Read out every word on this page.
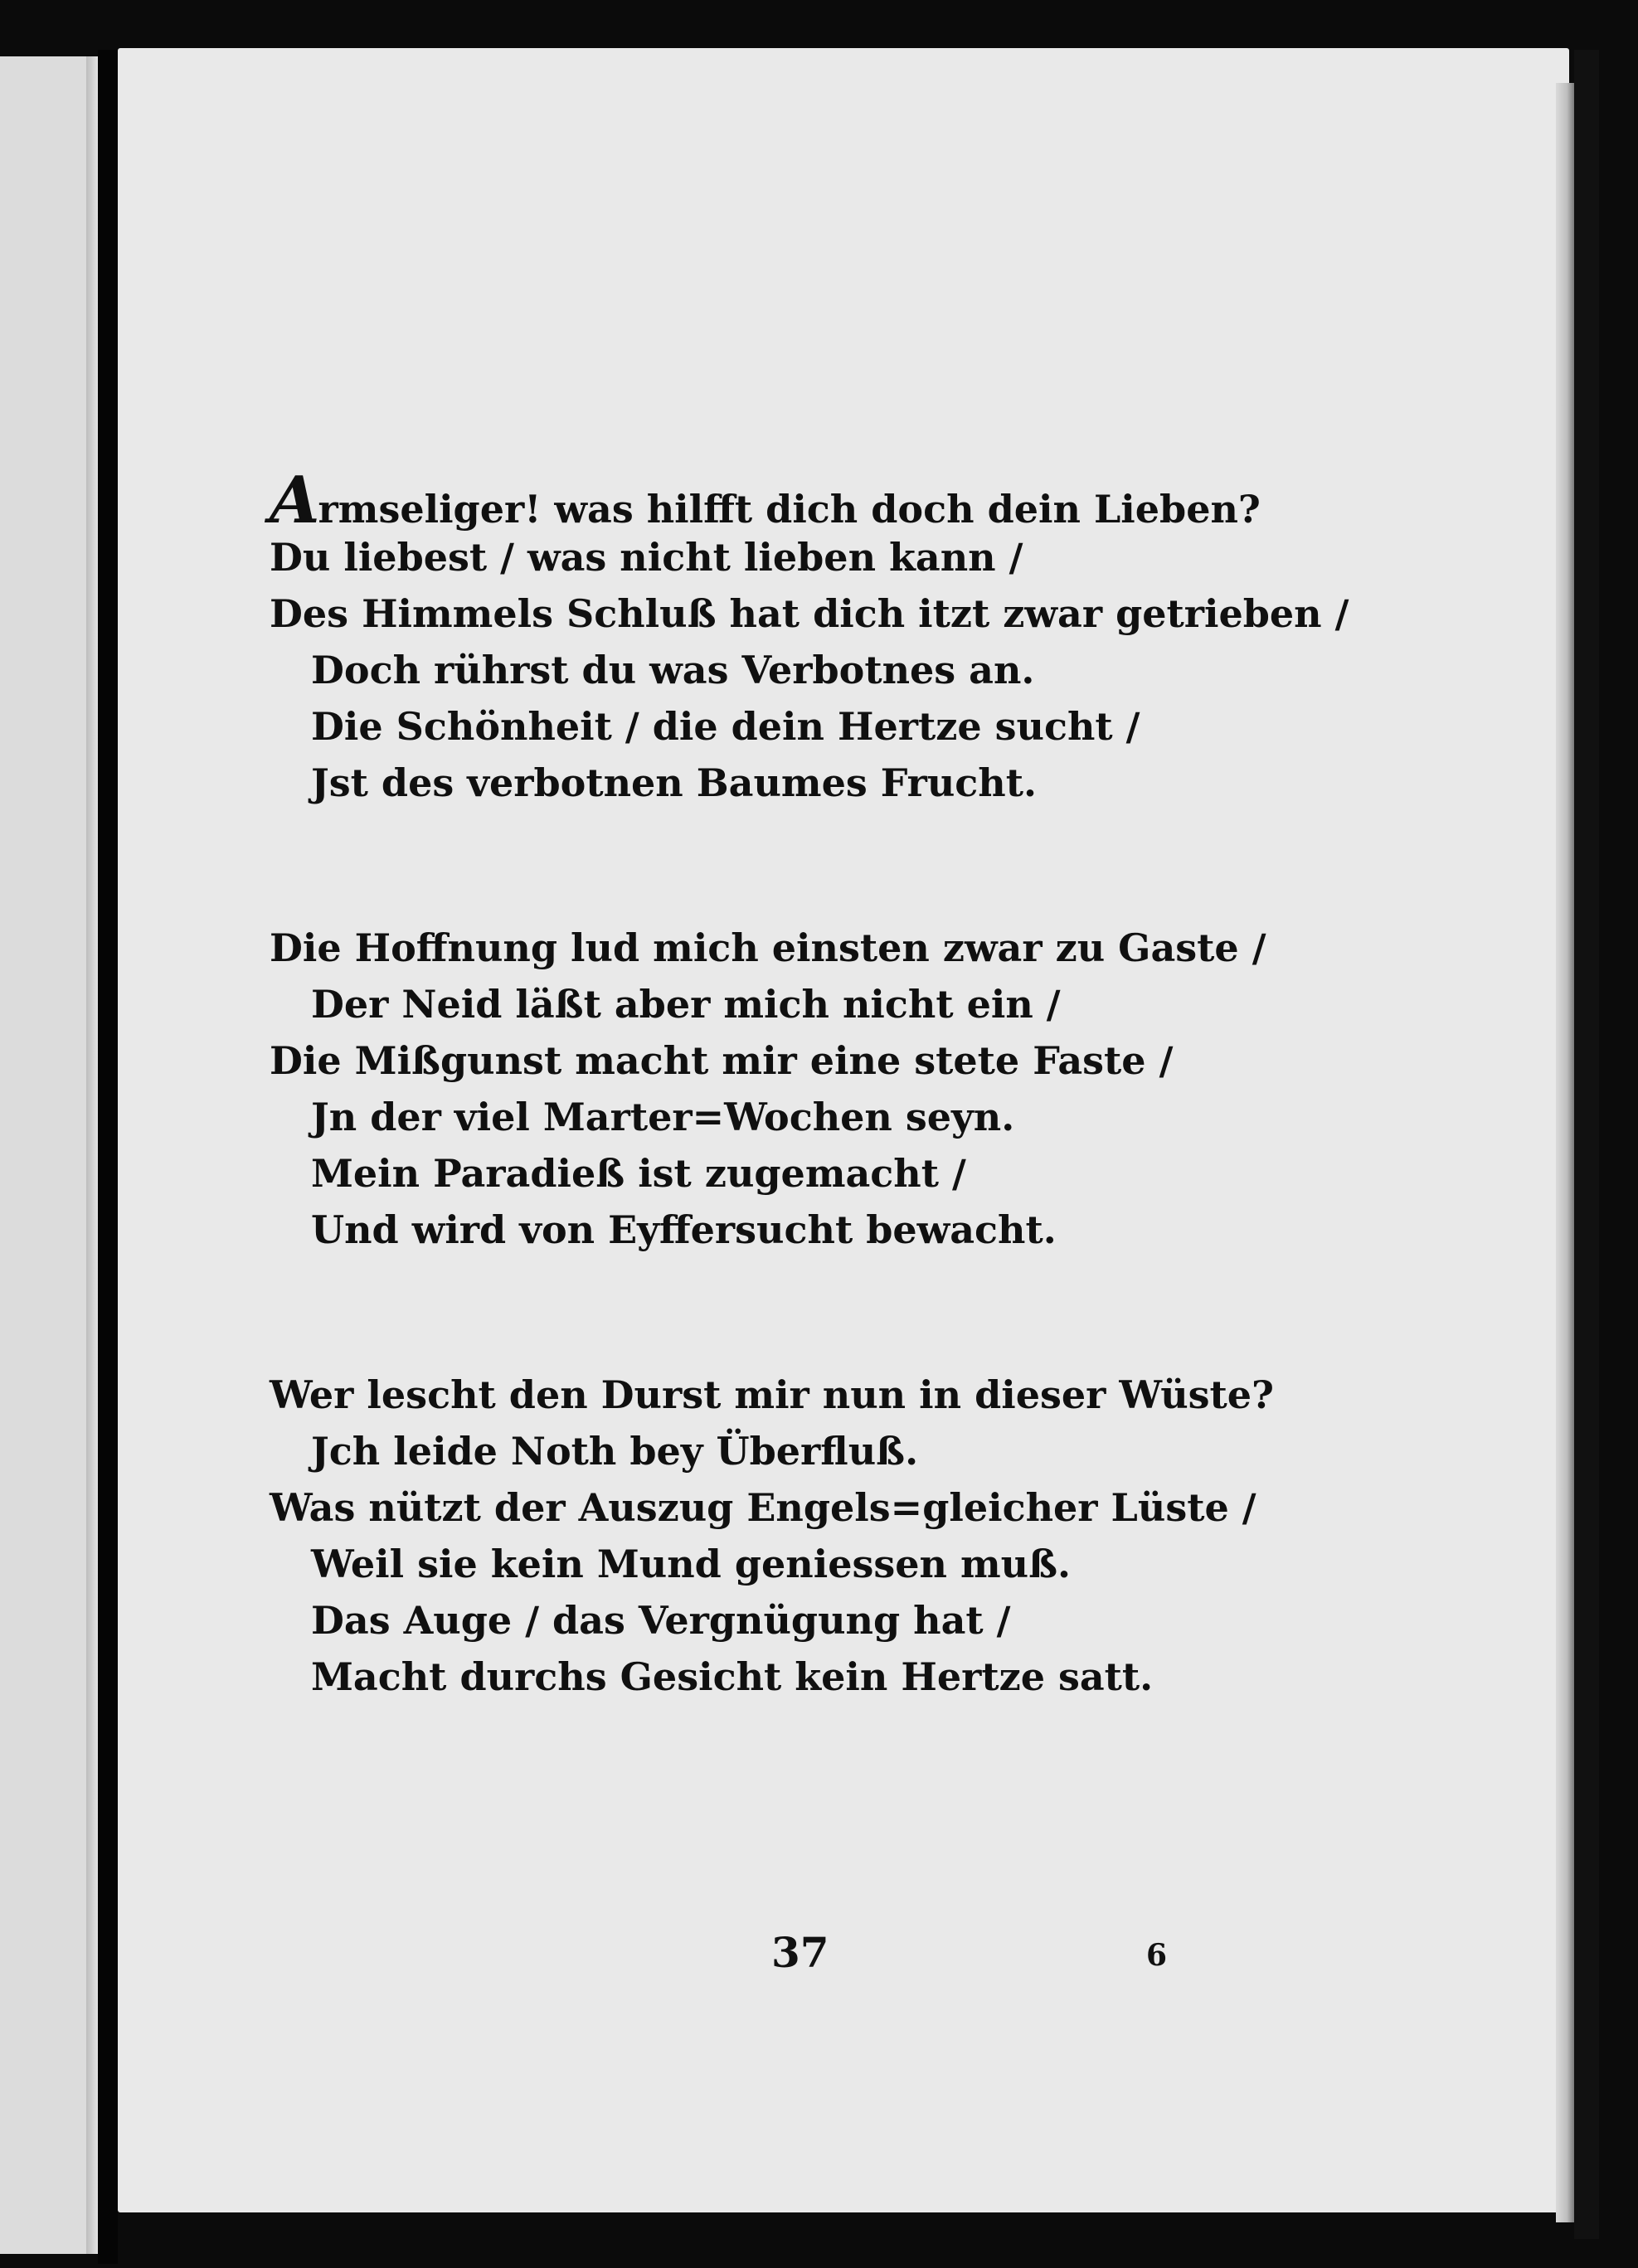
Armseliger! was hilfft dich doch dein Lieben?
Du liebest / was nicht lieben kann /
Des Himmels Schluß hat dich itzt zwar getrieben /
Doch rührst du was Verbotnes an.
Die Schönheit / die dein Hertze sucht /
Jst des verbotnen Baumes Frucht.
Die Hoffnung lud mich einsten zwar zu Gaste /
Der Neid läßt aber mich nicht ein /
Die Mißgunst macht mir eine stete Faste /
Jn der viel Marter=Wochen seyn.
Mein Paradieß ist zugemacht /
Und wird von Eyffersucht bewacht.
Wer lescht den Durst mir nun in dieser Wüste?
Jch leide Noth bey Überfluß.
Was nützt der Auszug Engels=gleicher Lüste /
Weil sie kein Mund geniessen muß.
Das Auge / das Vergnügung hat /
Macht durchs Gesicht kein Hertze satt.
37	6
